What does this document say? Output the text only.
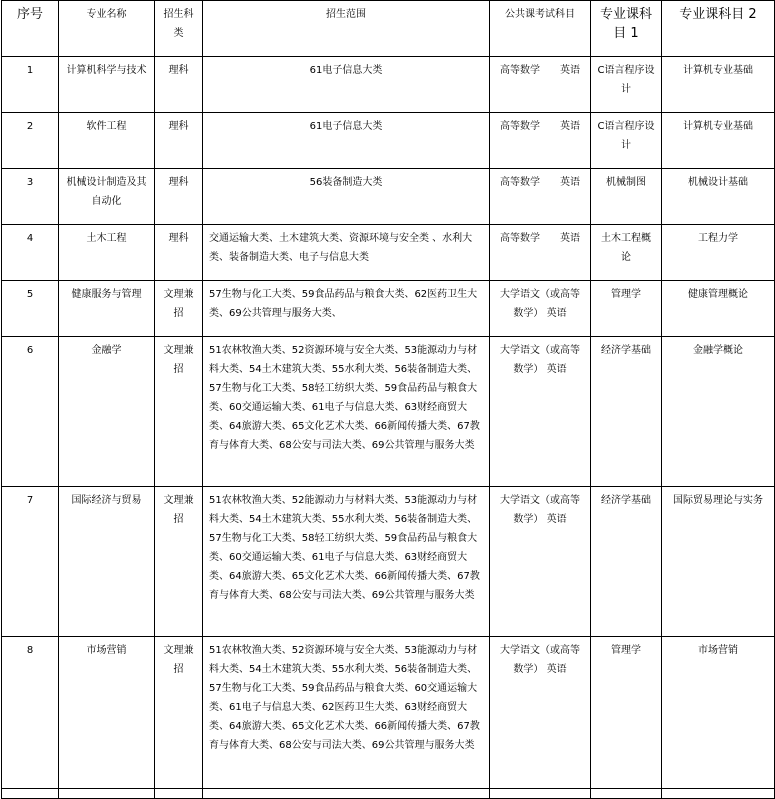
序号	专业名称	招生科类	招生范围	公共课考试科目	专业课科目 1	专业课科目 2
1	计算机科学与技术	理科	61电子信息大类	高等数学　　英语	C语言程序设计	计算机专业基础
2	软件工程	理科	61电子信息大类	高等数学　　英语	C语言程序设计	计算机专业基础
3	机械设计制造及其自动化	理科	56装备制造大类	高等数学　　英语	机械制图	机械设计基础
4	土木工程	理科	交通运输大类、土木建筑大类、资源环境与安全类 、水利大类、装备制造大类、电子与信息大类	高等数学　　英语	土木工程概论	工程力学
5	健康服务与管理	文理兼招	57生物与化工大类、59食品药品与粮食大类、62医药卫生大类、69公共管理与服务大类、	大学语文（或高等数学） 英语	管理学	健康管理概论
6	金融学	文理兼招	51农林牧渔大类、52资源环境与安全大类、53能源动力与材料大类、54土木建筑大类、55水利大类、56装备制造大类、57生物与化工大类、58轻工纺织大类、59食品药品与粮食大类、60交通运输大类、61电子与信息大类、63财经商贸大类、64旅游大类、65文化艺术大类、66新闻传播大类、67教育与体育大类、68公安与司法大类、69公共管理与服务大类	大学语文（或高等数学） 英语	经济学基础	金融学概论
7	国际经济与贸易	文理兼招	51农林牧渔大类、52能源动力与材料大类、53能源动力与材料大类、54土木建筑大类、55水利大类、56装备制造大类、57生物与化工大类、58轻工纺织大类、59食品药品与粮食大类、60交通运输大类、61电子与信息大类、63财经商贸大类、64旅游大类、65文化艺术大类、66新闻传播大类、67教育与体育大类、68公安与司法大类、69公共管理与服务大类	大学语文（或高等数学） 英语	经济学基础	国际贸易理论与实务
8	市场营销	文理兼招	51农林牧渔大类、52资源环境与安全大类、53能源动力与材料大类、54土木建筑大类、55水利大类、56装备制造大类、57生物与化工大类、59食品药品与粮食大类、60交通运输大类、61电子与信息大类、62医药卫生大类、63财经商贸大类、64旅游大类、65文化艺术大类、66新闻传播大类、67教育与体育大类、68公安与司法大类、69公共管理与服务大类	大学语文（或高等数学） 英语	管理学	市场营销
